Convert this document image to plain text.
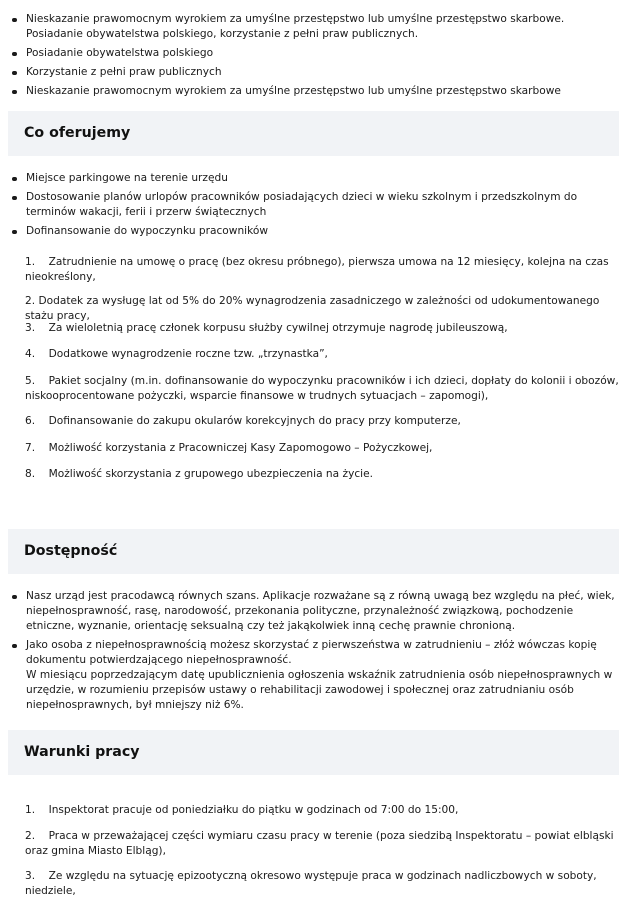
Nieskazanie prawomocnym wyrokiem za umyślne przestępstwo lub umyślne przestępstwo skarbowe. Posiadanie obywatelstwa polskiego, korzystanie z pełni praw publicznych.
Posiadanie obywatelstwa polskiego
Korzystanie z pełni praw publicznych
Nieskazanie prawomocnym wyrokiem za umyślne przestępstwo lub umyślne przestępstwo skarbowe
Co oferujemy
Miejsce parkingowe na terenie urzędu
Dostosowanie planów urlopów pracowników posiadających dzieci w wieku szkolnym i przedszkolnym do terminów wakacji, ferii i przerw świątecznych
Dofinansowanie do wypoczynku pracowników

1.    Zatrudnienie na umowę o pracę (bez okresu próbnego), pierwsza umowa na 12 miesięcy, kolejna na czas nieokreślony,

2. Dodatek za wysługę lat od 5% do 20% wynagrodzenia zasadniczego w zależności od udokumentowanego stażu pracy,

3.    Za wieloletnią pracę członek korpusu służby cywilnej otrzymuje nagrodę jubileuszową,

4.    Dodatkowe wynagrodzenie roczne tzw. „trzynastka”,

5.    Pakiet socjalny (m.in. dofinansowanie do wypoczynku pracowników i ich dzieci, dopłaty do kolonii i obozów, niskooprocentowane pożyczki, wsparcie finansowe w trudnych sytuacjach – zapomogi),

6.    Dofinansowanie do zakupu okularów korekcyjnych do pracy przy komputerze,

7.    Możliwość korzystania z Pracowniczej Kasy Zapomogowo – Pożyczkowej,

8.    Możliwość skorzystania z grupowego ubezpieczenia na życie.

Dostępność
Nasz urząd jest pracodawcą równych szans. Aplikacje rozważane są z równą uwagą bez względu na płeć, wiek, niepełnosprawność, rasę, narodowość, przekonania polityczne, przynależność związkową, pochodzenie etniczne, wyznanie, orientację seksualną czy też jakąkolwiek inną cechę prawnie chronioną.
Jako osoba z niepełnosprawnością możesz skorzystać z pierwszeństwa w zatrudnieniu – złóż wówczas kopię dokumentu potwierdzającego niepełnosprawność.
W miesiącu poprzedzającym datę upublicznienia ogłoszenia wskaźnik zatrudnienia osób niepełnosprawnych w urzędzie, w rozumieniu przepisów ustawy o rehabilitacji zawodowej i społecznej oraz zatrudnianiu osób niepełnosprawnych, był mniejszy niż 6%.
Warunki pracy

1.    Inspektorat pracuje od poniedziałku do piątku w godzinach od 7:00 do 15:00,

2.    Praca w przeważającej części wymiaru czasu pracy w terenie (poza siedzibą Inspektoratu – powiat elbląski oraz gmina Miasto Elbląg),

3.    Ze względu na sytuację epizootyczną okresowo występuje praca w godzinach nadliczbowych w soboty, niedziele,
